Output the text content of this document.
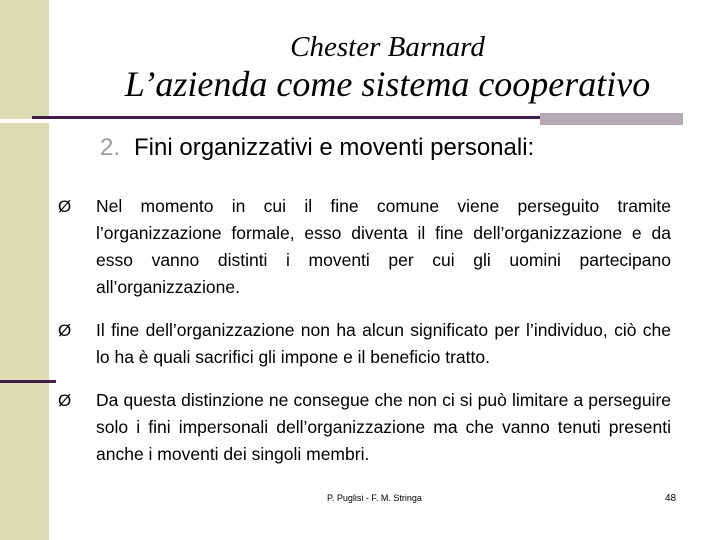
Chester Barnard
L’azienda come sistema cooperativo
2. Fini organizzativi e moventi personali:
Ø Nel momento in cui il fine comune viene perseguito tramite l’organizzazione formale, esso diventa il fine dell’organizzazione e da esso vanno distinti i moventi per cui gli uomini partecipano all’organizzazione.
Ø Il fine dell’organizzazione non ha alcun significato per l’individuo, ciò che lo ha è quali sacrifici gli impone e il beneficio tratto.
Ø Da questa distinzione ne consegue che non ci si può limitare a perseguire solo i fini impersonali dell’organizzazione ma che vanno tenuti presenti anche i moventi dei singoli membri.
P. Puglisi - F. M. Stringa	48
